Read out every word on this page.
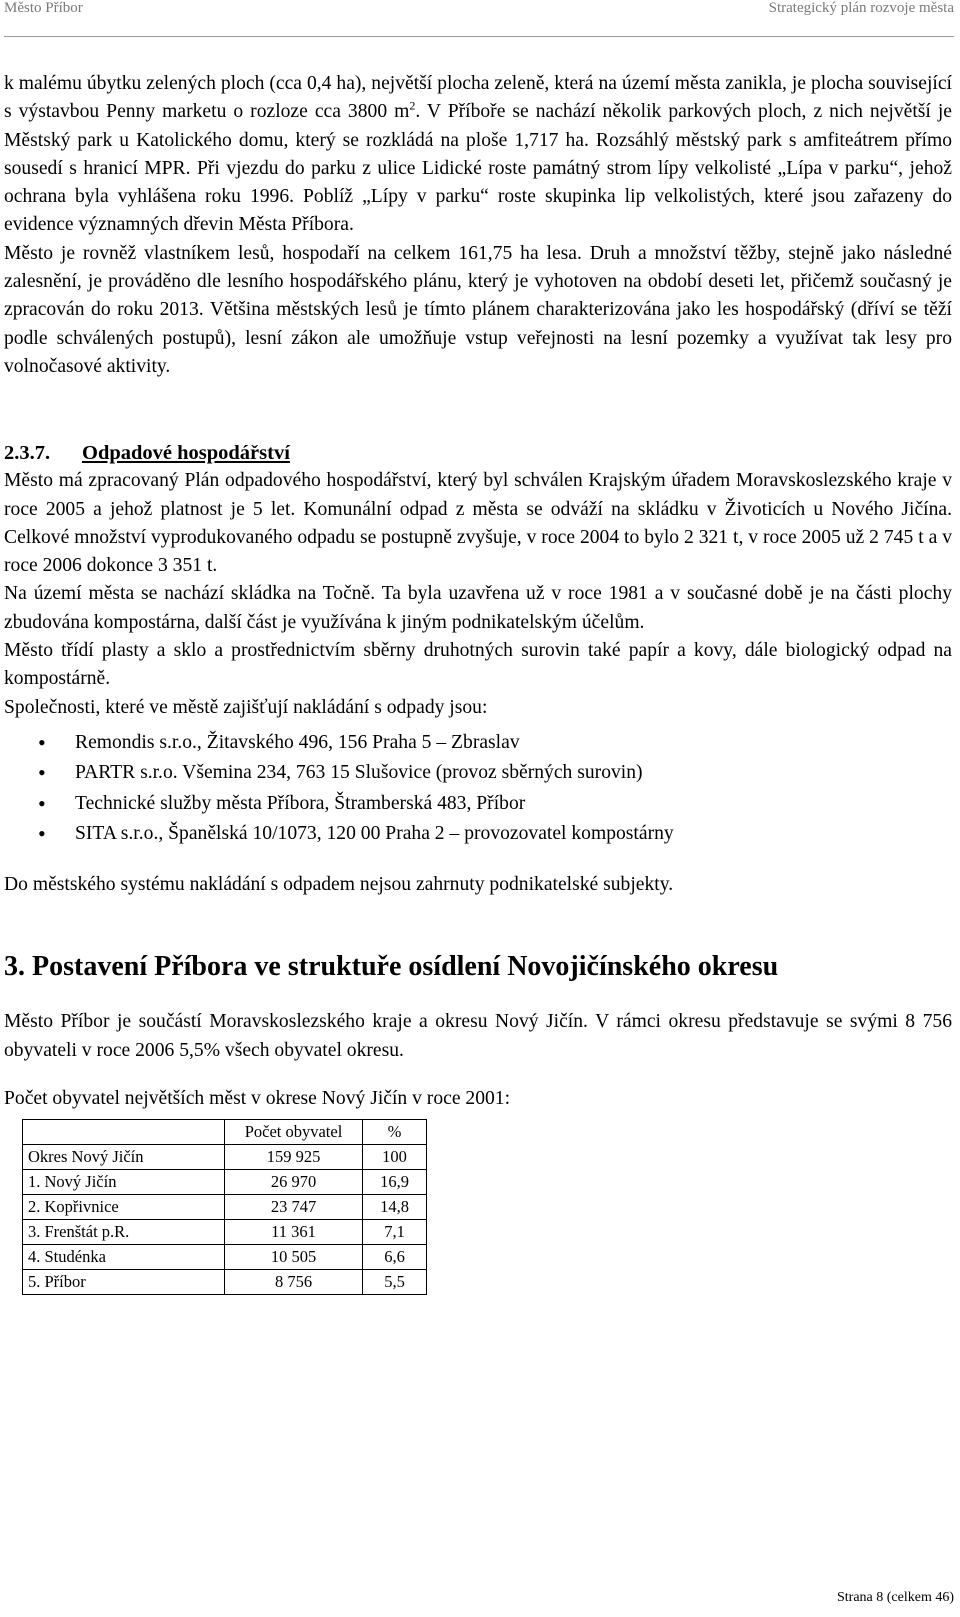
Město Příbor	Strategický plán rozvoje města

k malému úbytku zelených ploch (cca 0,4 ha), největší plocha zeleně, která na území města zanikla, je plocha související s výstavbou Penny marketu o rozloze cca 3800 $m^2$. V Příbořе se nachází několik parkových ploch, z nich největší je Městský park u Katolického domu, který se rozkládá na ploše 1,717 ha. Rozsáhlý městský park s amfiteátrem přímo sousedí s hranicí MPR. Při vjezdu do parku z ulice Lidické roste památný strom lípy velkolisté „Lípa v parku“, jehož ochrana byla vyhlášena roku 1996. Poblíž „Lípy v parku“ roste skupinka lip velkolistých, které jsou zařazeny do evidence významných dřevin Města Příbora.

Město je rovněž vlastníkem lesů, hospodaří na celkem 161,75 ha lesa. Druh a množství těžby, stejně jako následné zalesnění, je prováděno dle lesního hospodářského plánu, který je vyhotoven na období deseti let, přičemž současný je zpracován do roku 2013. Většina městských lesů je tímto plánem charakterizována jako les hospodářský (dříví se těží podle schválených postupů), lesní zákon ale umožňuje vstup veřejnosti na lesní pozemky a využívat tak lesy pro volnočasové aktivity.

2.3.7. Odpadové hospodářství

Město má zpracovaný Plán odpadového hospodářství, který byl schválen Krajským úřadem Moravskoslezského kraje v roce 2005 a jehož platnost je 5 let. Komunální odpad z města se odváží na skládku v Životicích u Nového Jičína. Celkové množství vyprodukovaného odpadu se postupně zvyšuje, v roce 2004 to bylo 2 321 t, v roce 2005 už 2 745 t a v roce 2006 dokonce 3 351 t.

Na území města se nachází skládka na Točně. Ta byla uzavřena už v roce 1981 a v současné době je na části plochy zbudována kompostárna, další část je využívána k jiným podnikatelským účelům.

Město třídí plasty a sklo a prostřednictvím sběrny druhotných surovin také papír a kovy, dále biologický odpad na kompostárně.

Společnosti, které ve městě zajišťují nakládání s odpady jsou:

• Remondis s.r.o., Žitavského 496, 156 Praha 5 – Zbraslav
• PARTR s.r.o. Všemina 234, 763 15 Slušovice (provoz sběrných surovin)
• Technické služby města Příbora, Štramberská 483, Příbor
• SITA s.r.o., Španělská 10/1073, 120 00 Praha 2 – provozovatel kompostárny

Do městského systému nakládání s odpadem nejsou zahrnuty podnikatelské subjekty.

3. Postavení Příbora ve struktuře osídlení Novojičínského okresu

Město Příbor je součástí Moravskoslezského kraje a okresu Nový Jičín. V rámci okresu představuje se svými 8 756 obyvateli v roce 2006 5,5% všech obyvatel okresu.

Počet obyvatel největších měst v okrese Nový Jičín v roce 2001:

	Počet obyvatel	%
Okres Nový Jičín	159 925	100
1. Nový Jičín	26 970	16,9
2. Kopřivnice	23 747	14,8
3. Frenštát p.R.	11 361	7,1
4. Studénka	10 505	6,6
5. Příbor	8 756	5,5
Strana 8 (celkem 46)
